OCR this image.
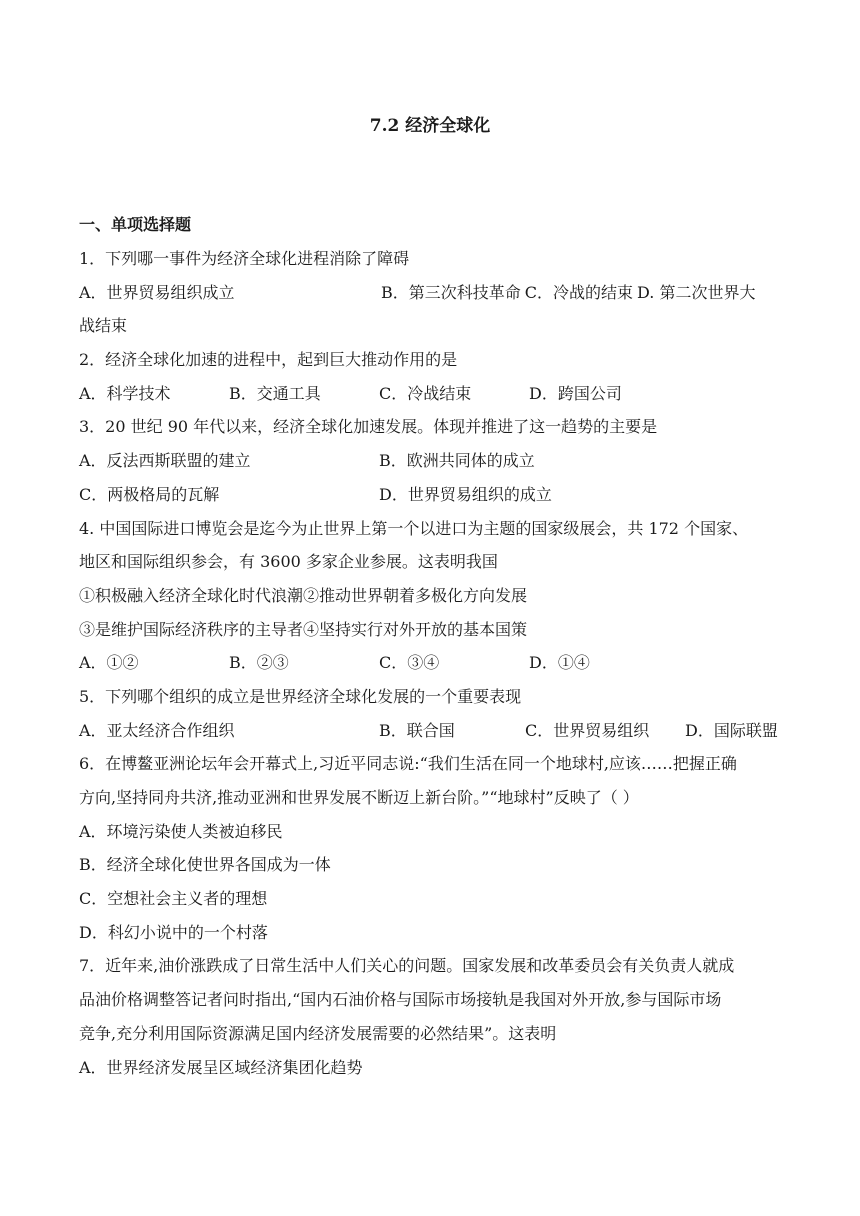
7.2 经济全球化
一、单项选择题
1．下列哪一事件为经济全球化进程消除了障碍
A．世界贸易组织成立	B．第三次科技革命 C．冷战的结束 D. 第二次世界大
战结束
2．经济全球化加速的进程中，起到巨大推动作用的是
A．科学技术	B．交通工具	C．冷战结束	D．跨国公司
3．20 世纪 90 年代以来，经济全球化加速发展。体现并推进了这一趋势的主要是
A．反法西斯联盟的建立	B．欧洲共同体的成立
C．两极格局的瓦解	D．世界贸易组织的成立
4. 中国国际进口博览会是迄今为止世界上第一个以进口为主题的国家级展会，共 172 个国家、
地区和国际组织参会，有 3600 多家企业参展。这表明我国
①积极融入经济全球化时代浪潮②推动世界朝着多极化方向发展
③是维护国际经济秩序的主导者④坚持实行对外开放的基本国策
A．①②	B．②③	C．③④	D．①④
5．下列哪个组织的成立是世界经济全球化发展的一个重要表现
A．亚太经济合作组织	B．联合国	C．世界贸易组织	D．国际联盟
6．在博鳌亚洲论坛年会开幕式上,习近平同志说:“我们生活在同一个地球村,应该……把握正确
方向,坚持同舟共济,推动亚洲和世界发展不断迈上新台阶。”“地球村”反映了（ ）
A．环境污染使人类被迫移民
B．经济全球化使世界各国成为一体
C．空想社会主义者的理想
D．科幻小说中的一个村落
7．近年来,油价涨跌成了日常生活中人们关心的问题。国家发展和改革委员会有关负责人就成
品油价格调整答记者问时指出,“国内石油价格与国际市场接轨是我国对外开放,参与国际市场
竞争,充分利用国际资源满足国内经济发展需要的必然结果”。这表明
A．世界经济发展呈区域经济集团化趋势
